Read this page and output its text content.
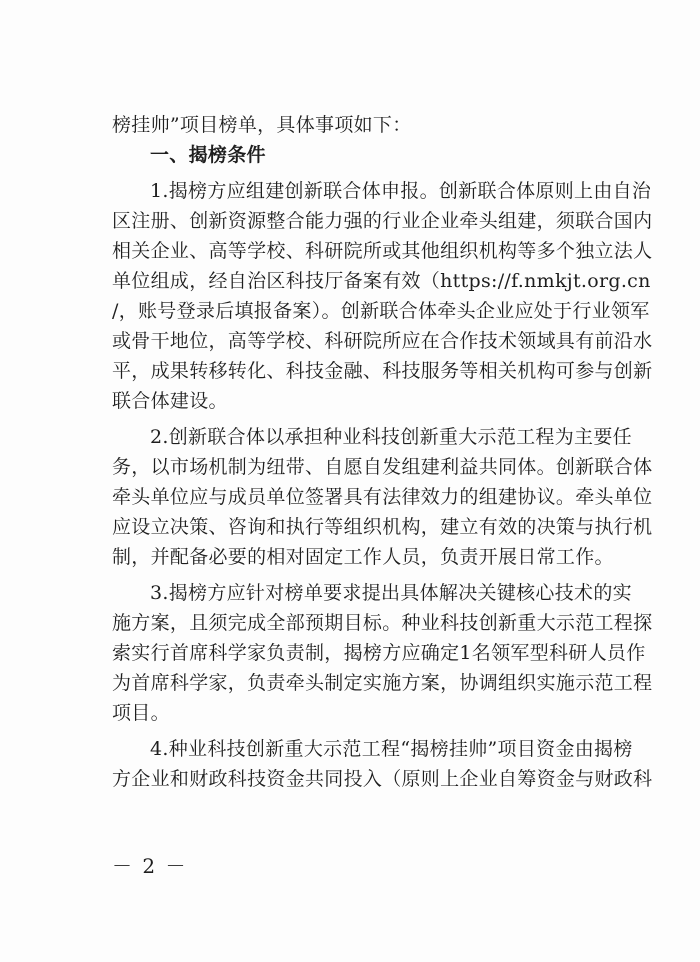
榜挂帅”项目榜单，具体事项如下：
一、揭榜条件
1.揭榜方应组建创新联合体申报。创新联合体原则上由自治
区注册、创新资源整合能力强的行业企业牵头组建，须联合国内
相关企业、高等学校、科研院所或其他组织机构等多个独立法人
单位组成，经自治区科技厅备案有效（https://f.nmkjt.org.cn
/，账号登录后填报备案）。创新联合体牵头企业应处于行业领军
或骨干地位，高等学校、科研院所应在合作技术领域具有前沿水
平，成果转移转化、科技金融、科技服务等相关机构可参与创新
联合体建设。
2.创新联合体以承担种业科技创新重大示范工程为主要任
务，以市场机制为纽带、自愿自发组建利益共同体。创新联合体
牵头单位应与成员单位签署具有法律效力的组建协议。牵头单位
应设立决策、咨询和执行等组织机构，建立有效的决策与执行机
制，并配备必要的相对固定工作人员，负责开展日常工作。
3.揭榜方应针对榜单要求提出具体解决关键核心技术的实
施方案，且须完成全部预期目标。种业科技创新重大示范工程探
索实行首席科学家负责制，揭榜方应确定1名领军型科研人员作
为首席科学家，负责牵头制定实施方案，协调组织实施示范工程
项目。
4.种业科技创新重大示范工程“揭榜挂帅”项目资金由揭榜
方企业和财政科技资金共同投入（原则上企业自筹资金与财政科
－ 2 －
